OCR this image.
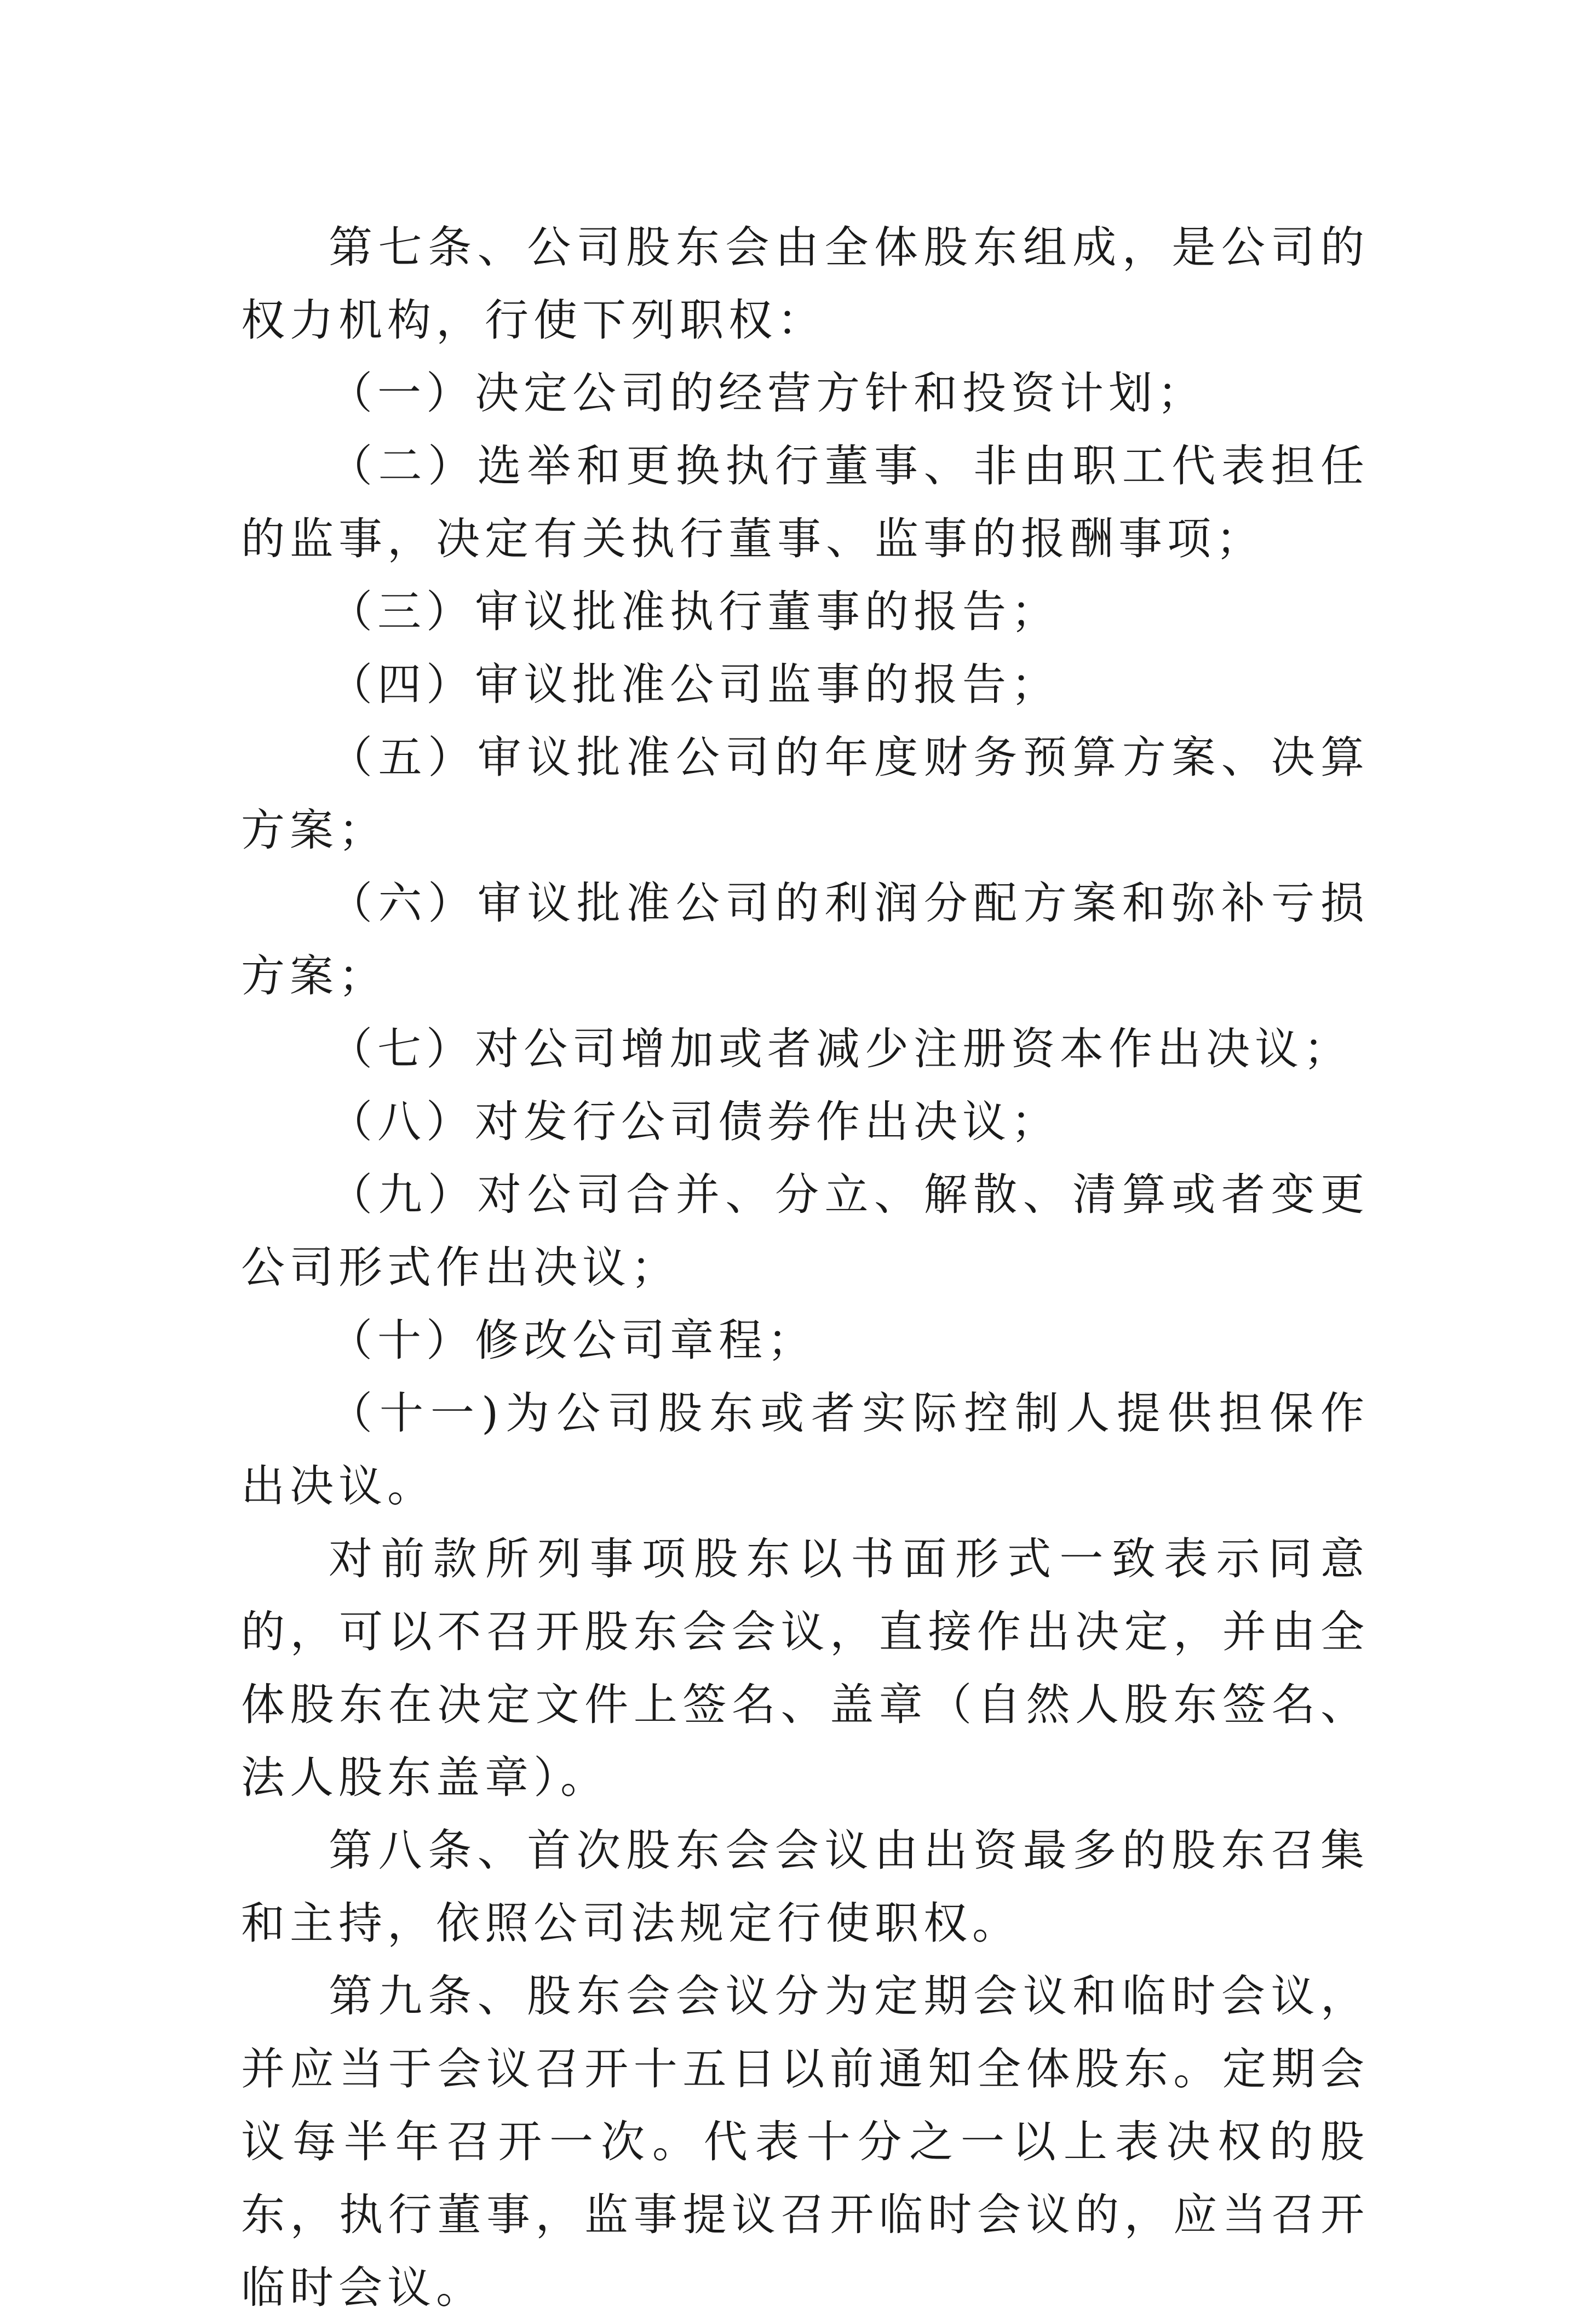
第七条、公司股东会由全体股东组成，是公司的权力机构，行使下列职权：

（一）决定公司的经营方针和投资计划；

（二）选举和更换执行董事、非由职工代表担任的监事，决定有关执行董事、监事的报酬事项；

（三）审议批准执行董事的报告；

（四）审议批准公司监事的报告；

（五）审议批准公司的年度财务预算方案、决算方案；

（六）审议批准公司的利润分配方案和弥补亏损方案；

（七）对公司增加或者减少注册资本作出决议；

（八）对发行公司债券作出决议；

（九）对公司合并、分立、解散、清算或者变更公司形式作出决议；

（十）修改公司章程；

（十一)为公司股东或者实际控制人提供担保作出决议。

对前款所列事项股东以书面形式一致表示同意的，可以不召开股东会会议，直接作出决定，并由全体股东在决定文件上签名、盖章（自然人股东签名、法人股东盖章）。

第八条、首次股东会会议由出资最多的股东召集和主持，依照公司法规定行使职权。

第九条、股东会会议分为定期会议和临时会议，并应当于会议召开十五日以前通知全体股东。定期会议每半年召开一次。代表十分之一以上表决权的股东，执行董事，监事提议召开临时会议的，应当召开临时会议。
